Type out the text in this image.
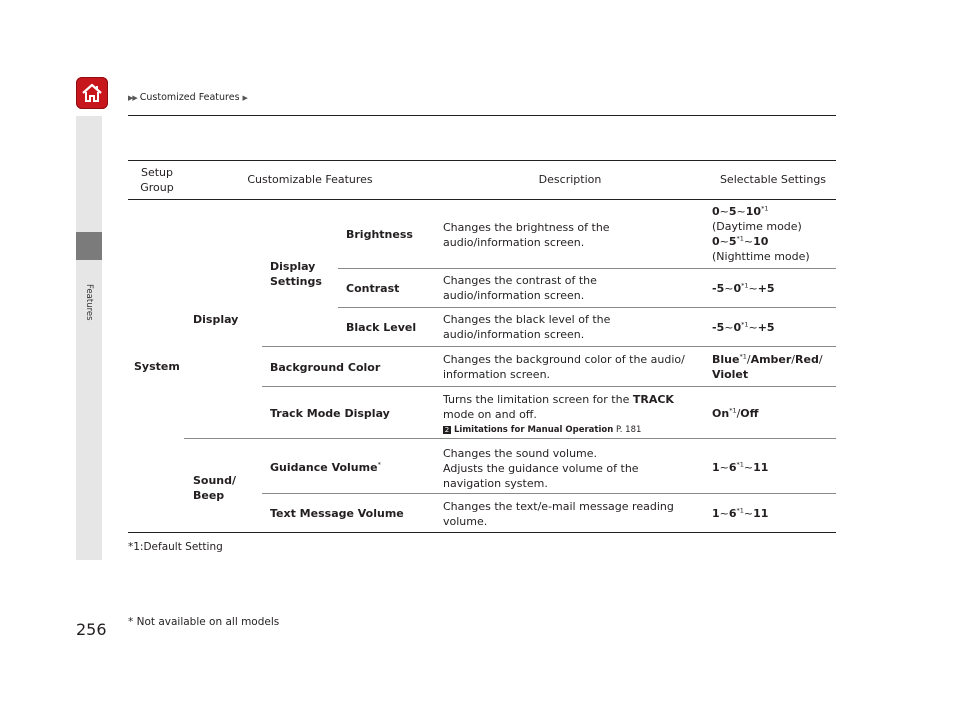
▶▶ Customized Features ▶
Features
Setup
Group
Customizable Features	Description	Selectable Settings
System
Display
Display
Settings
Sound/
Beep
Brightness
Changes the brightness of the audio/information screen.
0~5~10$^{*1}$
(Daytime mode)
0~5$^{*1}$~10
(Nighttime mode)
Contrast
Changes the contrast of the audio/information screen.
$-5\sim 0^{*1}\sim+5$
Black Level
Changes the black level of the audio/information screen.
$-5\sim 0^{*1}\sim+5$
Background Color
Changes the background color of the audio/ information screen.
Blue$^{*1}$/Amber/Red/
Violet
Track Mode Display
Turns the limitation screen for the TRACK mode on and off.
2 Limitations for Manual Operation P. 181
On$^{*1}$/Off
Guidance Volume*
Changes the sound volume.
Adjusts the guidance volume of the navigation system.
1~6$^{*1}$~11
Text Message Volume
Changes the text/e-mail message reading volume.
1~6$^{*1}$~11
*1:Default Setting
256 * Not available on all models
